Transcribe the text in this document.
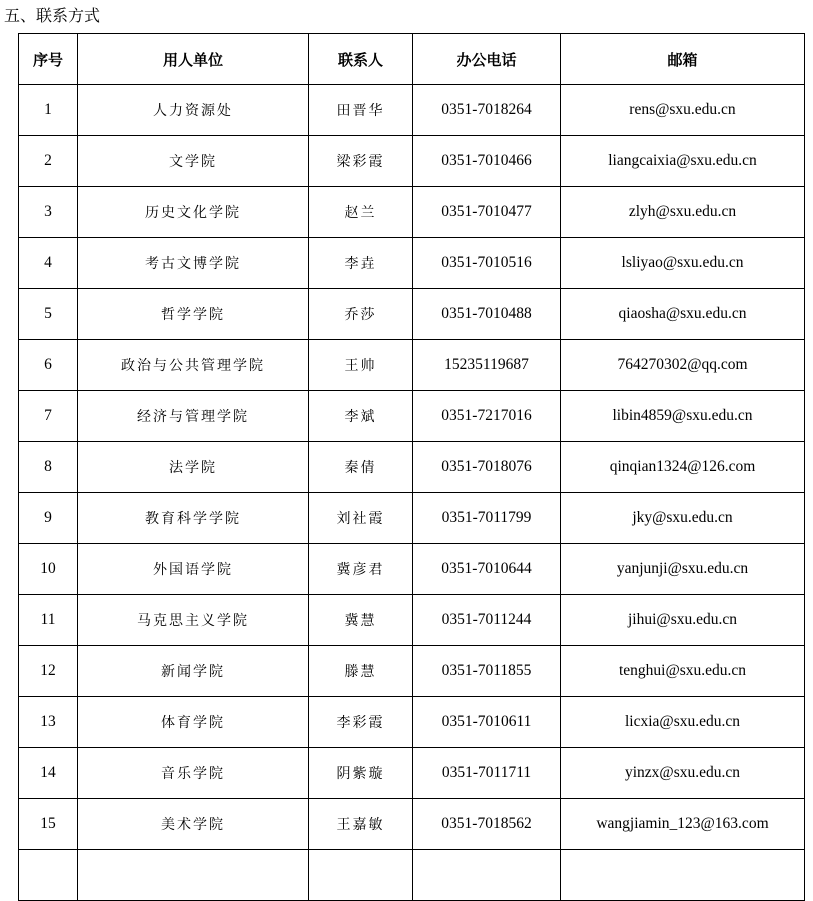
五、联系方式
序号	用人单位	联系人	办公电话	邮箱
1	人力资源处	田晋华	0351-7018264	rens@sxu.edu.cn
2	文学院	梁彩霞	0351-7010466	liangcaixia@sxu.edu.cn
3	历史文化学院	赵兰	0351-7010477	zlyh@sxu.edu.cn
4	考古文博学院	李垚	0351-7010516	lsliyao@sxu.edu.cn
5	哲学学院	乔莎	0351-7010488	qiaosha@sxu.edu.cn
6	政治与公共管理学院	王帅	15235119687	764270302@qq.com
7	经济与管理学院	李斌	0351-7217016	libin4859@sxu.edu.cn
8	法学院	秦倩	0351-7018076	qinqian1324@126.com
9	教育科学学院	刘社霞	0351-7011799	jky@sxu.edu.cn
10	外国语学院	冀彦君	0351-7010644	yanjunji@sxu.edu.cn
11	马克思主义学院	冀慧	0351-7011244	jihui@sxu.edu.cn
12	新闻学院	滕慧	0351-7011855	tenghui@sxu.edu.cn
13	体育学院	李彩霞	0351-7010611	licxia@sxu.edu.cn
14	音乐学院	阴紫璇	0351-7011711	yinzx@sxu.edu.cn
15	美术学院	王嘉敏	0351-7018562	wangjiamin_123@163.com
